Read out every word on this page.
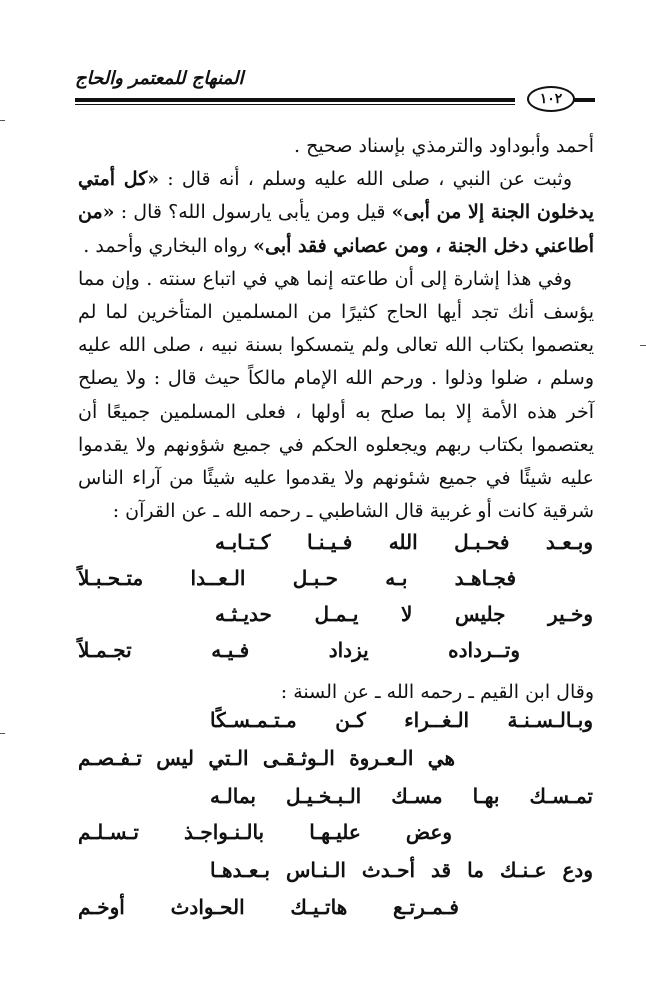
المنهاج للمعتمر والحاج
١٠٢

أحمد وأبوداود والترمذي بإسناد صحيح .

وثبت عن النبي ، صلى الله عليه وسلم ، أنه قال : «كل أمتي يدخلون الجنة إلا من أبى» قيل ومن يأبى يارسول الله؟ قال : «من أطاعني دخل الجنة ، ومن عصاني فقد أبى» رواه البخاري وأحمد .

وفي هذا إشارة إلى أن طاعته إنما هي في اتباع سنته . وإن مما يؤسف أنك تجد أيها الحاج كثيرًا من المسلمين المتأخرين لما لم يعتصموا بكتاب الله تعالى ولم يتمسكوا بسنة نبيه ، صلى الله عليه وسلم ، ضلوا وذلوا . ورحم الله الإمام مالكاً حيث قال : ولا يصلح آخر هذه الأمة إلا بما صلح به أولها ، فعلى المسلمين جميعًا أن يعتصموا بكتاب ربهم ويجعلوه الحكم في جميع شؤونهم ولا يقدموا عليه شيئًا في جميع شئونهم ولا يقدموا عليه شيئًا من آراء الناس شرقية كانت أو غربية قال الشاطبي ـ رحمه الله ـ عن القرآن :

وبـعـد
فحـبـل
الله
فـيـنـا
كـتـابـه
فجـاهـد
بـه
حـبـل
الـعــدا
متـحـبـلاً
وخـير
جليس
لا
يـمـل
حديـثـه
وتــرداده
يزداد
فـيـه
تجـمـلاً
وقال ابن القيم ـ رحمه الله ـ عن السنة :
وبـالـسـنـة
الـغــراء
كـن
مـتـمـسـكًا
هي
الـعـروة
الـوثـقـى
الـتي
ليس
تـفـصـم
تمـسـك
بهـا
مسـك
الـبـخـيـل
بمالـه
وعض
عليـهـا
بالـنـواجـذ
تـسـلـم
ودع
عـنـك
ما
قد
أحـدث
الـنـاس
بـعـدهـا
فـمـرتـع
هاتـيـك
الحـوادث
أوخـم
